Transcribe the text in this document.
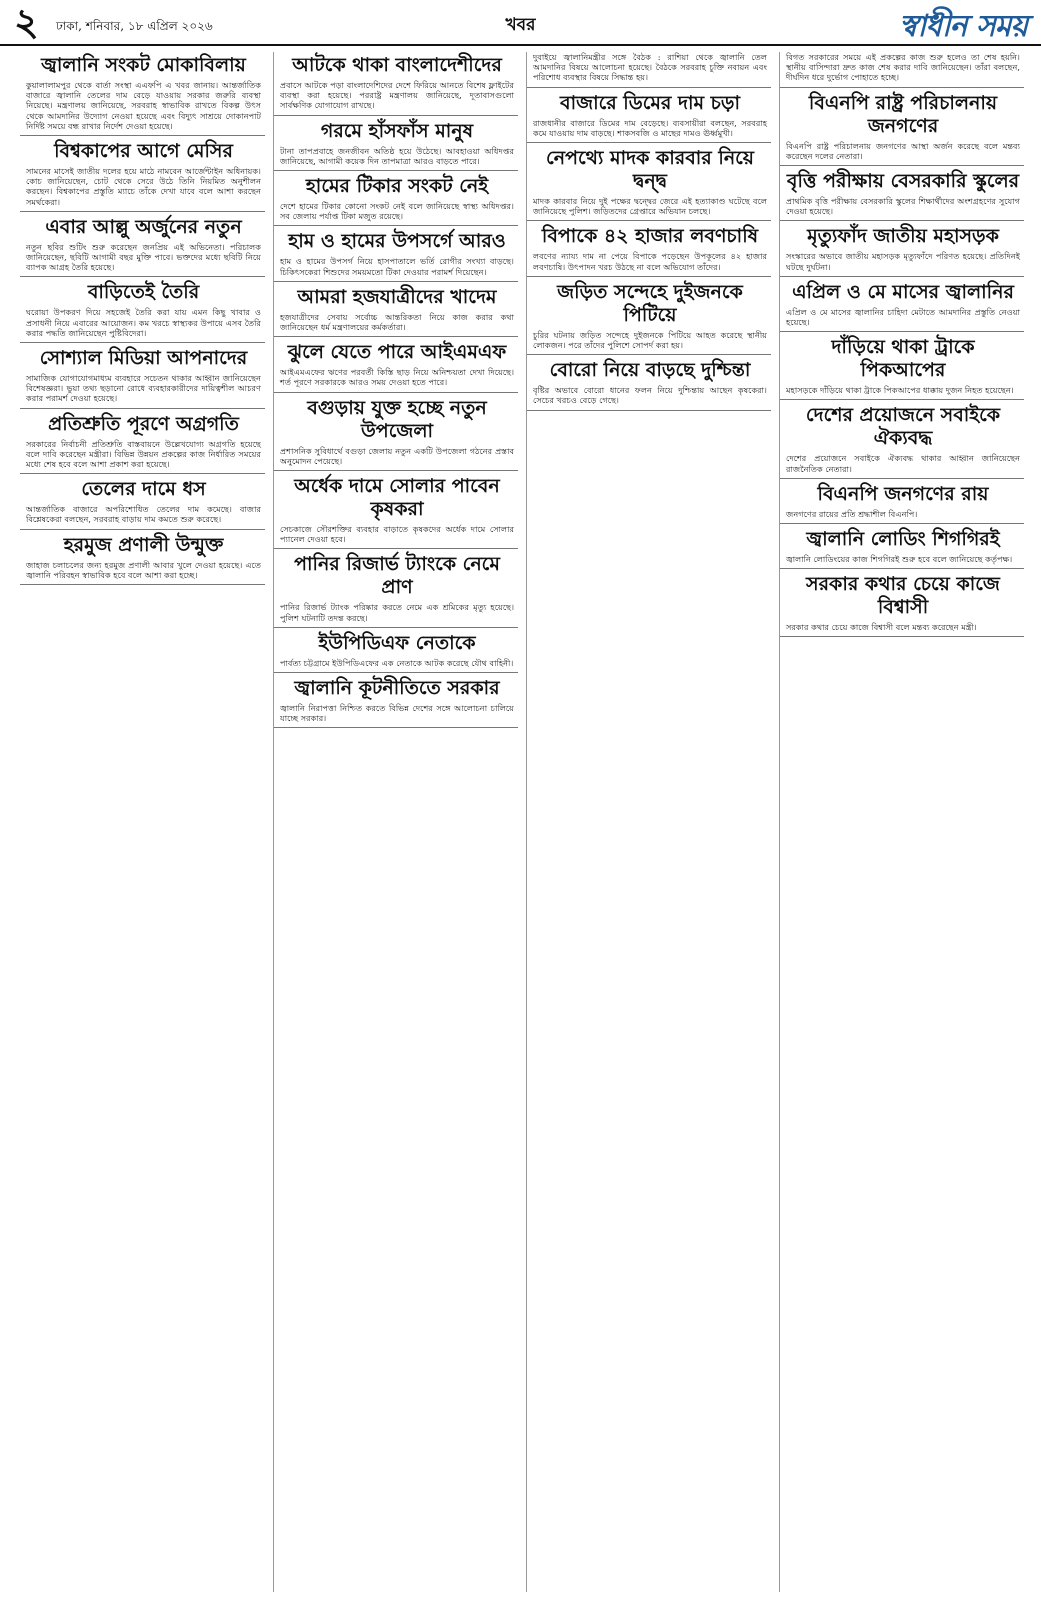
২ ঢাকা, শনিবার, ১৮ এপ্রিল ২০২৬	খবর	স্বাধীন সময়
জ্বালানি সংকট মোকাবিলায়

কুয়ালালামপুর থেকে বার্তা সংস্থা এএফপি এ খবর জানায়। আন্তর্জাতিক বাজারে জ্বালানি তেলের দাম বেড়ে যাওয়ায় সরকার জরুরি ব্যবস্থা নিয়েছে। মন্ত্রণালয় জানিয়েছে, সরবরাহ স্বাভাবিক রাখতে বিকল্প উৎস থেকে আমদানির উদ্যোগ নেওয়া হয়েছে এবং বিদ্যুৎ সাশ্রয়ে দোকানপাট নির্দিষ্ট সময়ে বন্ধ রাখার নির্দেশ দেওয়া হয়েছে।

বিশ্বকাপের আগে মেসির

সামনের মাসেই জাতীয় দলের হয়ে মাঠে নামবেন আর্জেন্টাইন অধিনায়ক। কোচ জানিয়েছেন, চোট থেকে সেরে উঠে তিনি নিয়মিত অনুশীলন করছেন। বিশ্বকাপের প্রস্তুতি ম্যাচে তাঁকে দেখা যাবে বলে আশা করছেন সমর্থকেরা।

এবার আল্লু অর্জুনের নতুন

নতুন ছবির শুটিং শুরু করেছেন জনপ্রিয় এই অভিনেতা। পরিচালক জানিয়েছেন, ছবিটি আগামী বছর মুক্তি পাবে। ভক্তদের মধ্যে ছবিটি নিয়ে ব্যাপক আগ্রহ তৈরি হয়েছে।

বাড়িতেই তৈরি

ঘরোয়া উপকরণ দিয়ে সহজেই তৈরি করা যায় এমন কিছু খাবার ও প্রসাধনী নিয়ে এবারের আয়োজন। কম খরচে স্বাস্থ্যকর উপায়ে এসব তৈরি করার পদ্ধতি জানিয়েছেন পুষ্টিবিদেরা।

সোশ্যাল মিডিয়া আপনাদের

সামাজিক যোগাযোগমাধ্যম ব্যবহারে সচেতন থাকার আহ্বান জানিয়েছেন বিশেষজ্ঞরা। ভুয়া তথ্য ছড়ানো রোধে ব্যবহারকারীদের দায়িত্বশীল আচরণ করার পরামর্শ দেওয়া হয়েছে।

প্রতিশ্রুতি পূরণে অগ্রগতি

সরকারের নির্বাচনী প্রতিশ্রুতি বাস্তবায়নে উল্লেখযোগ্য অগ্রগতি হয়েছে বলে দাবি করেছেন মন্ত্রীরা। বিভিন্ন উন্নয়ন প্রকল্পের কাজ নির্ধারিত সময়ের মধ্যে শেষ হবে বলে আশা প্রকাশ করা হয়েছে।

তেলের দামে ধস

আন্তর্জাতিক বাজারে অপরিশোধিত তেলের দাম কমেছে। বাজার বিশ্লেষকেরা বলছেন, সরবরাহ বাড়ায় দাম কমতে শুরু করেছে।

হরমুজ প্রণালী উন্মুক্ত

জাহাজ চলাচলের জন্য হরমুজ প্রণালী আবার খুলে দেওয়া হয়েছে। এতে জ্বালানি পরিবহন স্বাভাবিক হবে বলে আশা করা হচ্ছে।

আটকে থাকা বাংলাদেশীদের

প্রবাসে আটকে পড়া বাংলাদেশিদের দেশে ফিরিয়ে আনতে বিশেষ ফ্লাইটের ব্যবস্থা করা হয়েছে। পররাষ্ট্র মন্ত্রণালয় জানিয়েছে, দূতাবাসগুলো সার্বক্ষণিক যোগাযোগ রাখছে।

গরমে হাঁসফাঁস মানুষ

টানা তাপপ্রবাহে জনজীবন অতিষ্ঠ হয়ে উঠেছে। আবহাওয়া অধিদপ্তর জানিয়েছে, আগামী কয়েক দিন তাপমাত্রা আরও বাড়তে পারে।

হামের টিকার সংকট নেই

দেশে হামের টিকার কোনো সংকট নেই বলে জানিয়েছে স্বাস্থ্য অধিদপ্তর। সব জেলায় পর্যাপ্ত টিকা মজুত রয়েছে।

হাম ও হামের উপসর্গে আরও

হাম ও হামের উপসর্গ নিয়ে হাসপাতালে ভর্তি রোগীর সংখ্যা বাড়ছে। চিকিৎসকেরা শিশুদের সময়মতো টিকা দেওয়ার পরামর্শ দিয়েছেন।

আমরা হজযাত্রীদের খাদেম

হজযাত্রীদের সেবায় সর্বোচ্চ আন্তরিকতা নিয়ে কাজ করার কথা জানিয়েছেন ধর্ম মন্ত্রণালয়ের কর্মকর্তারা।

ঝুলে যেতে পারে আইএমএফ

আইএমএফের ঋণের পরবর্তী কিস্তি ছাড় নিয়ে অনিশ্চয়তা দেখা দিয়েছে। শর্ত পূরণে সরকারকে আরও সময় দেওয়া হতে পারে।

বগুড়ায় যুক্ত হচ্ছে নতুন উপজেলা

প্রশাসনিক সুবিধার্থে বগুড়া জেলায় নতুন একটি উপজেলা গঠনের প্রস্তাব অনুমোদন পেয়েছে।

অর্ধেক দামে সোলার পাবেন কৃষকরা

সেচকাজে সৌরশক্তির ব্যবহার বাড়াতে কৃষকদের অর্ধেক দামে সোলার প্যানেল দেওয়া হবে।

পানির রিজার্ভ ট্যাংকে নেমে প্রাণ

পানির রিজার্ভ ট্যাংক পরিষ্কার করতে নেমে এক শ্রমিকের মৃত্যু হয়েছে। পুলিশ ঘটনাটি তদন্ত করছে।

ইউপিডিএফ নেতাকে

পার্বত্য চট্টগ্রামে ইউপিডিএফের এক নেতাকে আটক করেছে যৌথ বাহিনী।

জ্বালানি কূটনীতিতে সরকার

জ্বালানি নিরাপত্তা নিশ্চিত করতে বিভিন্ন দেশের সঙ্গে আলোচনা চালিয়ে যাচ্ছে সরকার।

দুবাইয়ে জ্বালানিমন্ত্রীর সঙ্গে বৈঠক : রাশিয়া থেকে জ্বালানি তেল আমদানির বিষয়ে আলোচনা হয়েছে। বৈঠকে সরবরাহ চুক্তি নবায়ন এবং পরিশোধ ব্যবস্থার বিষয়ে সিদ্ধান্ত হয়।

বাজারে ডিমের দাম চড়া

রাজধানীর বাজারে ডিমের দাম বেড়েছে। ব্যবসায়ীরা বলছেন, সরবরাহ কমে যাওয়ায় দাম বাড়ছে। শাকসবজি ও মাছের দামও ঊর্ধ্বমুখী।

নেপথ্যে মাদক কারবার নিয়ে দ্বন্দ্ব

মাদক কারবার নিয়ে দুই পক্ষের দ্বন্দ্বের জেরে এই হত্যাকাণ্ড ঘটেছে বলে জানিয়েছে পুলিশ। জড়িতদের গ্রেপ্তারে অভিযান চলছে।

বিপাকে ৪২ হাজার লবণচাষি

লবণের ন্যায্য দাম না পেয়ে বিপাকে পড়েছেন উপকূলের ৪২ হাজার লবণচাষি। উৎপাদন খরচ উঠছে না বলে অভিযোগ তাঁদের।

জড়িত সন্দেহে দুইজনকে পিটিয়ে

চুরির ঘটনায় জড়িত সন্দেহে দুইজনকে পিটিয়ে আহত করেছে স্থানীয় লোকজন। পরে তাঁদের পুলিশে সোপর্দ করা হয়।

বোরো নিয়ে বাড়ছে দুশ্চিন্তা

বৃষ্টির অভাবে বোরো ধানের ফলন নিয়ে দুশ্চিন্তায় আছেন কৃষকেরা। সেচের খরচও বেড়ে গেছে।

বিগত সরকারের সময়ে এই প্রকল্পের কাজ শুরু হলেও তা শেষ হয়নি। স্থানীয় বাসিন্দারা দ্রুত কাজ শেষ করার দাবি জানিয়েছেন। তাঁরা বলছেন, দীর্ঘদিন ধরে দুর্ভোগ পোহাতে হচ্ছে।

বিএনপি রাষ্ট্র পরিচালনায় জনগণের

বিএনপি রাষ্ট্র পরিচালনায় জনগণের আস্থা অর্জন করেছে বলে মন্তব্য করেছেন দলের নেতারা।

বৃত্তি পরীক্ষায় বেসরকারি স্কুলের

প্রাথমিক বৃত্তি পরীক্ষায় বেসরকারি স্কুলের শিক্ষার্থীদের অংশগ্রহণের সুযোগ দেওয়া হয়েছে।

মৃত্যুফাঁদ জাতীয় মহাসড়ক

সংস্কারের অভাবে জাতীয় মহাসড়ক মৃত্যুফাঁদে পরিণত হয়েছে। প্রতিদিনই ঘটছে দুর্ঘটনা।

এপ্রিল ও মে মাসের জ্বালানির

এপ্রিল ও মে মাসের জ্বালানির চাহিদা মেটাতে আমদানির প্রস্তুতি নেওয়া হয়েছে।

দাঁড়িয়ে থাকা ট্রাকে পিকআপের

মহাসড়কে দাঁড়িয়ে থাকা ট্রাকে পিকআপের ধাক্কায় দুজন নিহত হয়েছেন।

দেশের প্রয়োজনে সবাইকে ঐক্যবদ্ধ

দেশের প্রয়োজনে সবাইকে ঐক্যবদ্ধ থাকার আহ্বান জানিয়েছেন রাজনৈতিক নেতারা।

বিএনপি জনগণের রায়

জনগণের রায়ের প্রতি শ্রদ্ধাশীল বিএনপি।

জ্বালানি লোডিং শিগগিরই

জ্বালানি লোডিংয়ের কাজ শিগগিরই শুরু হবে বলে জানিয়েছে কর্তৃপক্ষ।

সরকার কথার চেয়ে কাজে বিশ্বাসী

সরকার কথার চেয়ে কাজে বিশ্বাসী বলে মন্তব্য করেছেন মন্ত্রী।
